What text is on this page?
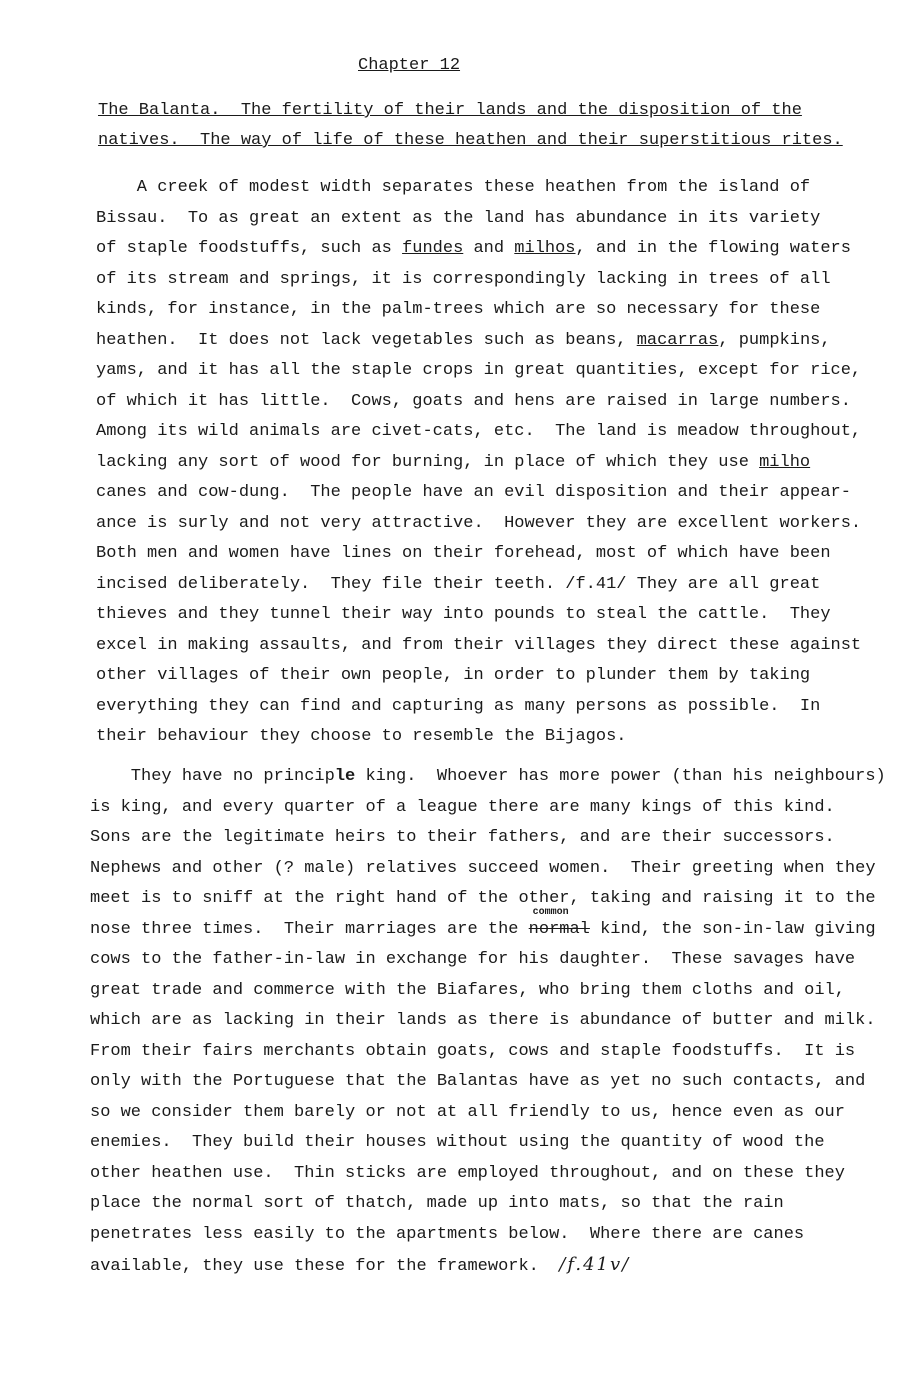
Chapter 12
The Balanta.  The fertility of their lands and the disposition of the
natives.  The way of life of these heathen and their superstitious rites.
A creek of modest width separates these heathen from the island of
Bissau.  To as great an extent as the land has abundance in its variety
of staple foodstuffs, such as fundes and milhos, and in the flowing waters
of its stream and springs, it is correspondingly lacking in trees of all
kinds, for instance, in the palm-trees which are so necessary for these
heathen.  It does not lack vegetables such as beans, macarras, pumpkins,
yams, and it has all the staple crops in great quantities, except for rice,
of which it has little.  Cows, goats and hens are raised in large numbers.
Among its wild animals are civet-cats, etc.  The land is meadow throughout,
lacking any sort of wood for burning, in place of which they use milho
canes and cow-dung.  The people have an evil disposition and their appear-
ance is surly and not very attractive.  However they are excellent workers.
Both men and women have lines on their forehead, most of which have been
incised deliberately.  They file their teeth. /f.41/ They are all great
thieves and they tunnel their way into pounds to steal the cattle.  They
excel in making assaults, and from their villages they direct these against
other villages of their own people, in order to plunder them by taking
everything they can find and capturing as many persons as possible.  In
their behaviour they choose to resemble the Bijagos.
They have no principle king.  Whoever has more power (than his neighbours)
is king, and every quarter of a league there are many kings of this kind.
Sons are the legitimate heirs to their fathers, and are their successors.
Nephews and other (? male) relatives succeed women.  Their greeting when they
meet is to sniff at the right hand of the other, taking and raising it to the
nose three times.  Their marriages are the
common
normal kind, the son-in-law giving
cows to the father-in-law in exchange for his daughter.  These savages have
great trade and commerce with the Biafares, who bring them cloths and oil,
which are as lacking in their lands as there is abundance of butter and milk.
From their fairs merchants obtain goats, cows and staple foodstuffs.  It is
only with the Portuguese that the Balantas have as yet no such contacts, and
so we consider them barely or not at all friendly to us, hence even as our
enemies.  They build their houses without using the quantity of wood the
other heathen use.  Thin sticks are employed throughout, and on these they
place the normal sort of thatch, made up into mats, so that the rain
penetrates less easily to the apartments below.  Where there are canes
available, they use these for the framework.  /f.41v/
